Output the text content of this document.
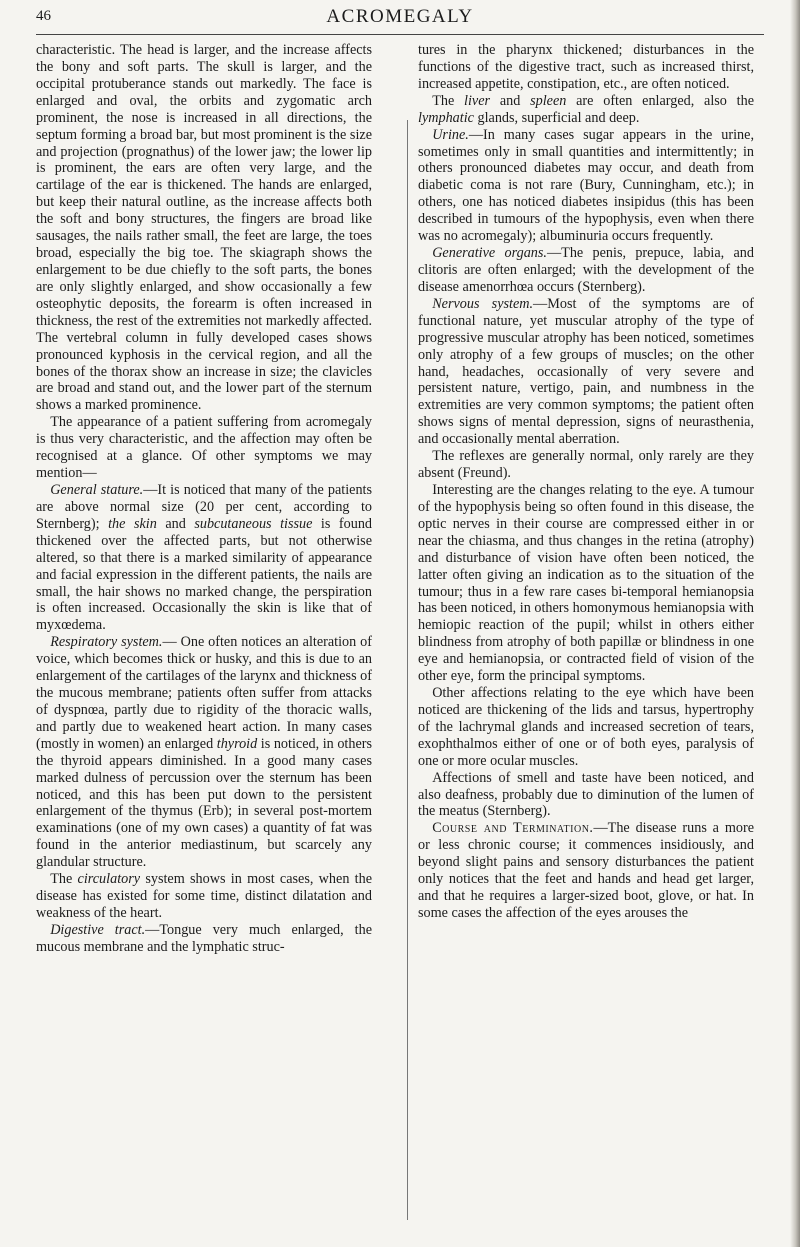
46	ACROMEGALY

characteristic. The head is larger, and the increase affects the bony and soft parts. The skull is larger, and the occipital protuberance stands out markedly. The face is enlarged and oval, the orbits and zygomatic arch prominent, the nose is increased in all directions, the septum forming a broad bar, but most prominent is the size and projection (prognathus) of the lower jaw; the lower lip is prominent, the ears are often very large, and the cartilage of the ear is thickened. The hands are enlarged, but keep their natural outline, as the increase affects both the soft and bony structures, the fingers are broad like sausages, the nails rather small, the feet are large, the toes broad, especially the big toe. The skiagraph shows the enlargement to be due chiefly to the soft parts, the bones are only slightly enlarged, and show occasionally a few osteophytic deposits, the forearm is often increased in thickness, the rest of the extremities not markedly affected. The vertebral column in fully developed cases shows pronounced kyphosis in the cervical region, and all the bones of the thorax show an increase in size; the clavicles are broad and stand out, and the lower part of the sternum shows a marked prominence.

 The appearance of a patient suffering from acromegaly is thus very characteristic, and the affection may often be recognised at a glance. Of other symptoms we may mention—

 General stature.—It is noticed that many of the patients are above normal size (20 per cent, according to Sternberg); the skin and subcutaneous tissue is found thickened over the affected parts, but not otherwise altered, so that there is a marked similarity of appearance and facial expression in the different patients, the nails are small, the hair shows no marked change, the perspiration is often increased. Occasionally the skin is like that of myxœdema.

 Respiratory system.— One often notices an alteration of voice, which becomes thick or husky, and this is due to an enlargement of the cartilages of the larynx and thickness of the mucous membrane; patients often suffer from attacks of dyspnœa, partly due to rigidity of the thoracic walls, and partly due to weakened heart action. In many cases (mostly in women) an enlarged thyroid is noticed, in others the thyroid appears diminished. In a good many cases marked dulness of percussion over the sternum has been noticed, and this has been put down to the persistent enlargement of the thymus (Erb); in several post-mortem examinations (one of my own cases) a quantity of fat was found in the anterior mediastinum, but scarcely any glandular structure.

 The circulatory system shows in most cases, when the disease has existed for some time, distinct dilatation and weakness of the heart.

 Digestive tract.—Tongue very much enlarged, the mucous membrane and the lymphatic struc-

tures in the pharynx thickened; disturbances in the functions of the digestive tract, such as increased thirst, increased appetite, constipation, etc., are often noticed.

 The liver and spleen are often enlarged, also the lymphatic glands, superficial and deep.

 Urine.—In many cases sugar appears in the urine, sometimes only in small quantities and intermittently; in others pronounced diabetes may occur, and death from diabetic coma is not rare (Bury, Cunningham, etc.); in others, one has noticed diabetes insipidus (this has been described in tumours of the hypophysis, even when there was no acromegaly); albuminuria occurs frequently.

 Generative organs.—The penis, prepuce, labia, and clitoris are often enlarged; with the development of the disease amenorrhœa occurs (Sternberg).

 Nervous system.—Most of the symptoms are of functional nature, yet muscular atrophy of the type of progressive muscular atrophy has been noticed, sometimes only atrophy of a few groups of muscles; on the other hand, headaches, occasionally of very severe and persistent nature, vertigo, pain, and numbness in the extremities are very common symptoms; the patient often shows signs of mental depression, signs of neurasthenia, and occasionally mental aberration.

 The reflexes are generally normal, only rarely are they absent (Freund).

 Interesting are the changes relating to the eye. A tumour of the hypophysis being so often found in this disease, the optic nerves in their course are compressed either in or near the chiasma, and thus changes in the retina (atrophy) and disturbance of vision have often been noticed, the latter often giving an indication as to the situation of the tumour; thus in a few rare cases bi-temporal hemianopsia has been noticed, in others homonymous hemianopsia with hemiopic reaction of the pupil; whilst in others either blindness from atrophy of both papillæ or blindness in one eye and hemianopsia, or contracted field of vision of the other eye, form the principal symptoms.

 Other affections relating to the eye which have been noticed are thickening of the lids and tarsus, hypertrophy of the lachrymal glands and increased secretion of tears, exophthalmos either of one or of both eyes, paralysis of one or more ocular muscles.

 Affections of smell and taste have been noticed, and also deafness, probably due to diminution of the lumen of the meatus (Sternberg).

 Course and Termination.—The disease runs a more or less chronic course; it commences insidiously, and beyond slight pains and sensory disturbances the patient only notices that the feet and hands and head get larger, and that he requires a larger-sized boot, glove, or hat. In some cases the affection of the eyes arouses the
